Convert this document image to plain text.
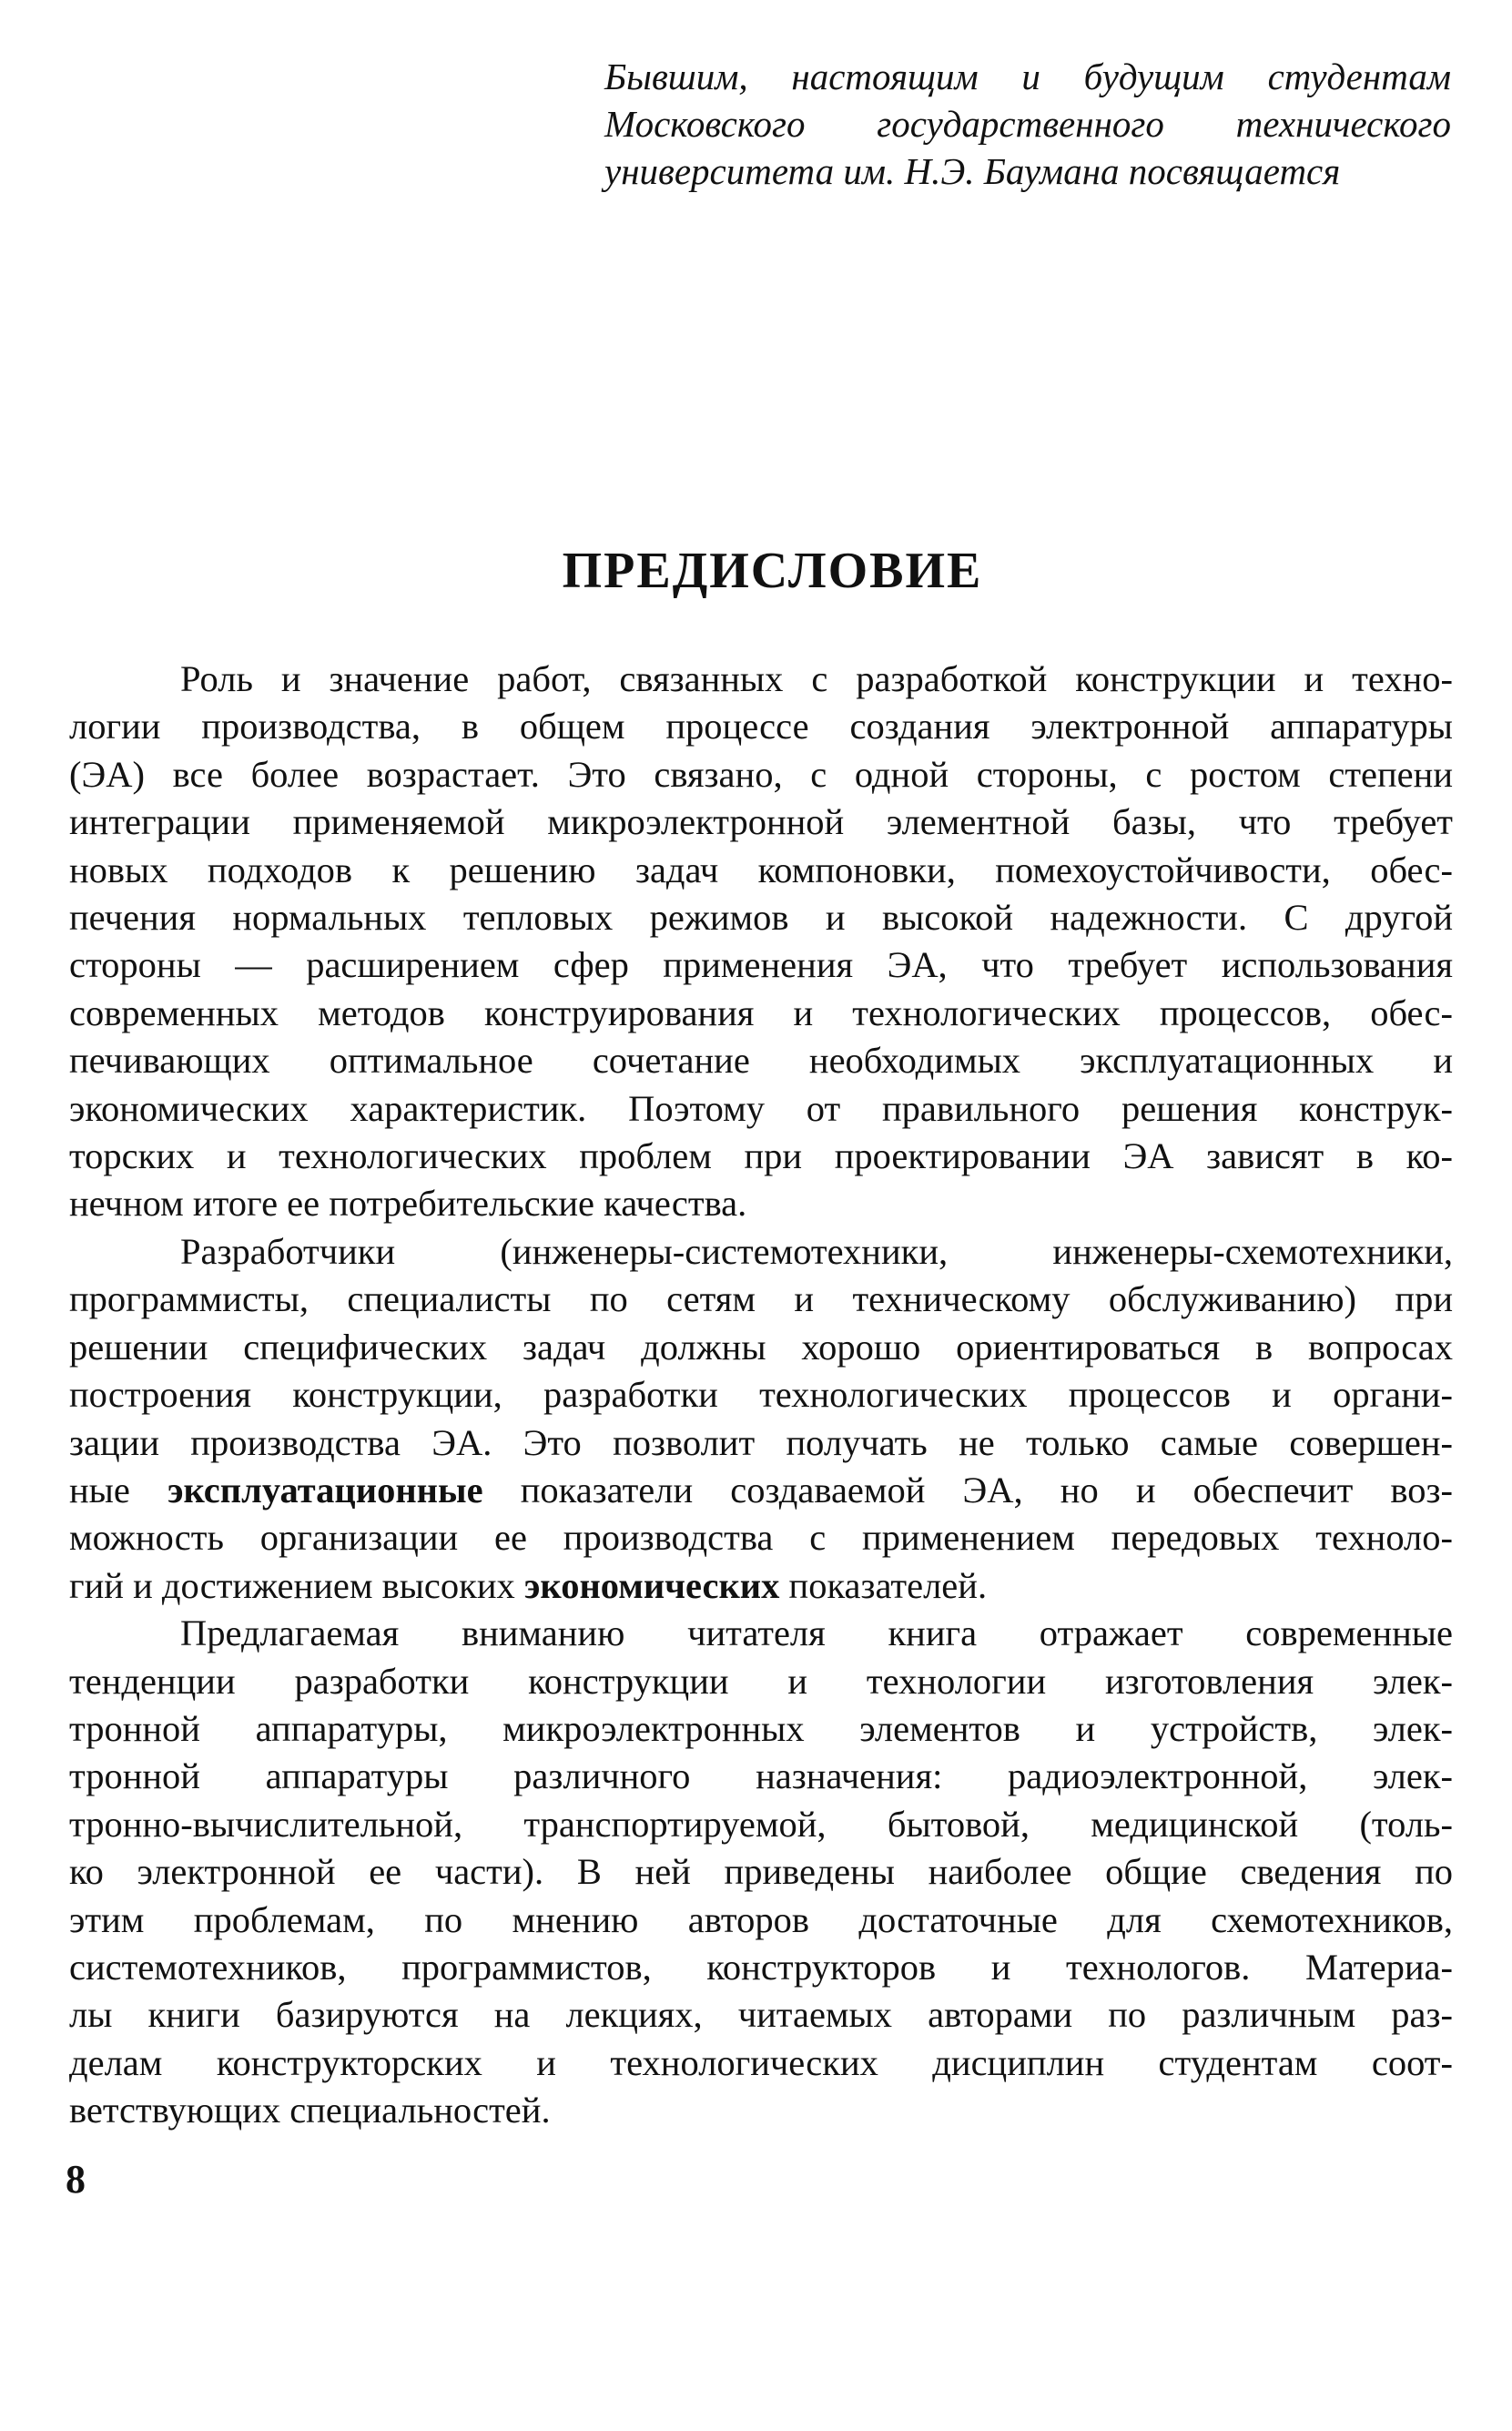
Бывшим, настоящим и будущим студентам
Московского государственного технического
университета им. Н.Э. Баумана посвящается
ПРЕДИСЛОВИЕ
Роль и значение работ, связанных с разработкой конструкции и техно-
логии производства, в общем процессе создания электронной аппаратуры
(ЭА) все более возрастает. Это связано, с одной стороны, с ростом степени
интеграции применяемой микроэлектронной элементной базы, что требует
новых подходов к решению задач компоновки, помехоустойчивости, обес-
печения нормальных тепловых режимов и высокой надежности. С другой
стороны — расширением сфер применения ЭА, что требует использования
современных методов конструирования и технологических процессов, обес-
печивающих оптимальное сочетание необходимых эксплуатационных и
экономических характеристик. Поэтому от правильного решения конструк-
торских и технологических проблем при проектировании ЭА зависят в ко-
нечном итоге ее потребительские качества.
Разработчики (инженеры-системотехники, инженеры-схемотехники,
программисты, специалисты по сетям и техническому обслуживанию) при
решении специфических задач должны хорошо ориентироваться в вопросах
построения конструкции, разработки технологических процессов и органи-
зации производства ЭА. Это позволит получать не только самые совершен-
ные эксплуатационные показатели создаваемой ЭА, но и обеспечит воз-
можность организации ее производства с применением передовых техноло-
гий и достижением высоких экономических показателей.
Предлагаемая вниманию читателя книга отражает современные
тенденции разработки конструкции и технологии изготовления элек-
тронной аппаратуры, микроэлектронных элементов и устройств, элек-
тронной аппаратуры различного назначения: радиоэлектронной, элек-
тронно-вычислительной, транспортируемой, бытовой, медицинской (толь-
ко электронной ее части). В ней приведены наиболее общие сведения по
этим проблемам, по мнению авторов достаточные для схемотехников,
системотехников, программистов, конструкторов и технологов. Материа-
лы книги базируются на лекциях, читаемых авторами по различным раз-
делам конструкторских и технологических дисциплин студентам соот-
ветствующих специальностей.
8
